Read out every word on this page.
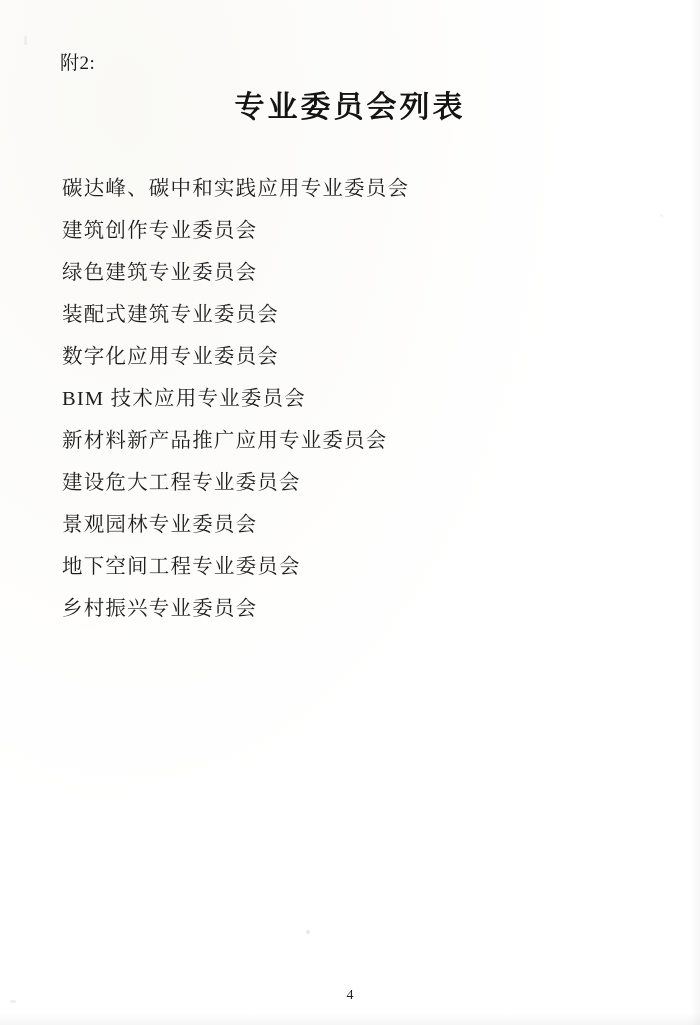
附2:
专业委员会列表
碳达峰、碳中和实践应用专业委员会
建筑创作专业委员会
绿色建筑专业委员会
装配式建筑专业委员会
数字化应用专业委员会
BIM 技术应用专业委员会
新材料新产品推广应用专业委员会
建设危大工程专业委员会
景观园林专业委员会
地下空间工程专业委员会
乡村振兴专业委员会
4
